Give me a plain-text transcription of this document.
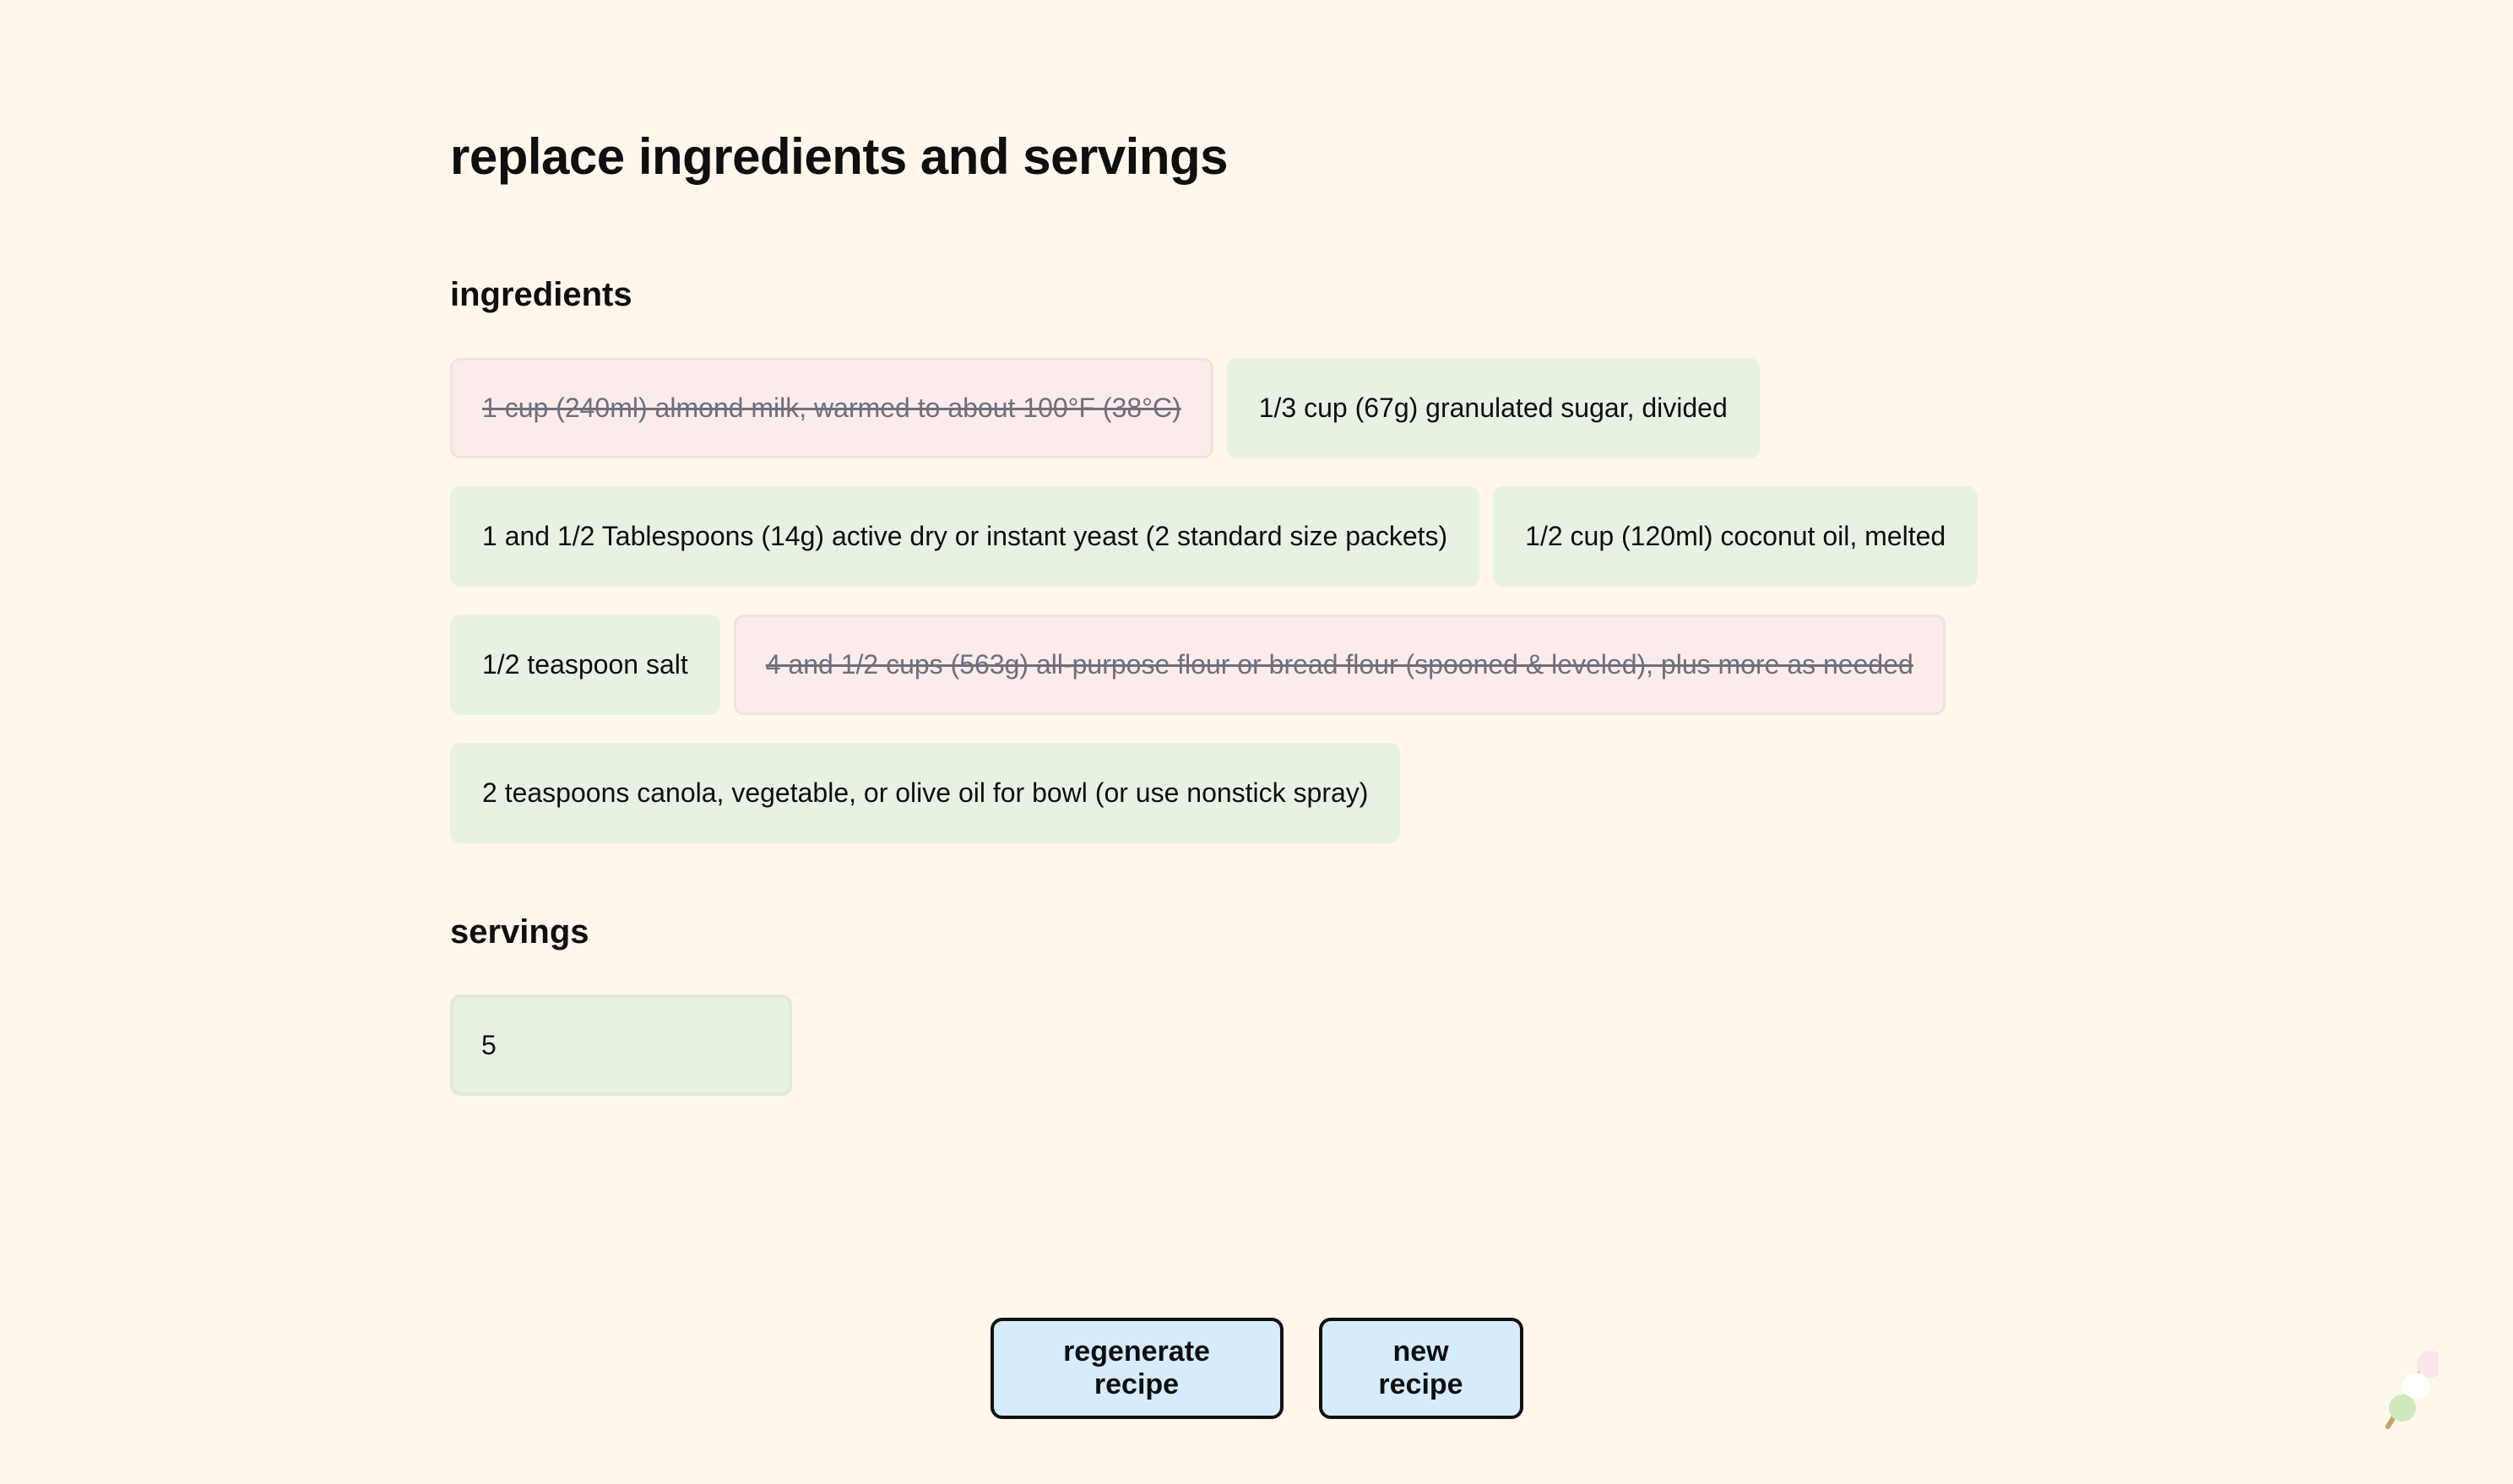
replace ingredients and servings
ingredients
1 cup (240ml) almond milk, warmed to about 100°F (38°C)	1/3 cup (67g) granulated sugar, divided
1 and 1/2 Tablespoons (14g) active dry or instant yeast (2 standard size packets)	1/2 cup (120ml) coconut oil, melted
1/2 teaspoon salt	4 and 1/2 cups (563g) all-purpose flour or bread flour (spooned & leveled), plus more as needed
2 teaspoons canola, vegetable, or olive oil for bowl (or use nonstick spray)
servings
5
regenerate recipe
new recipe
